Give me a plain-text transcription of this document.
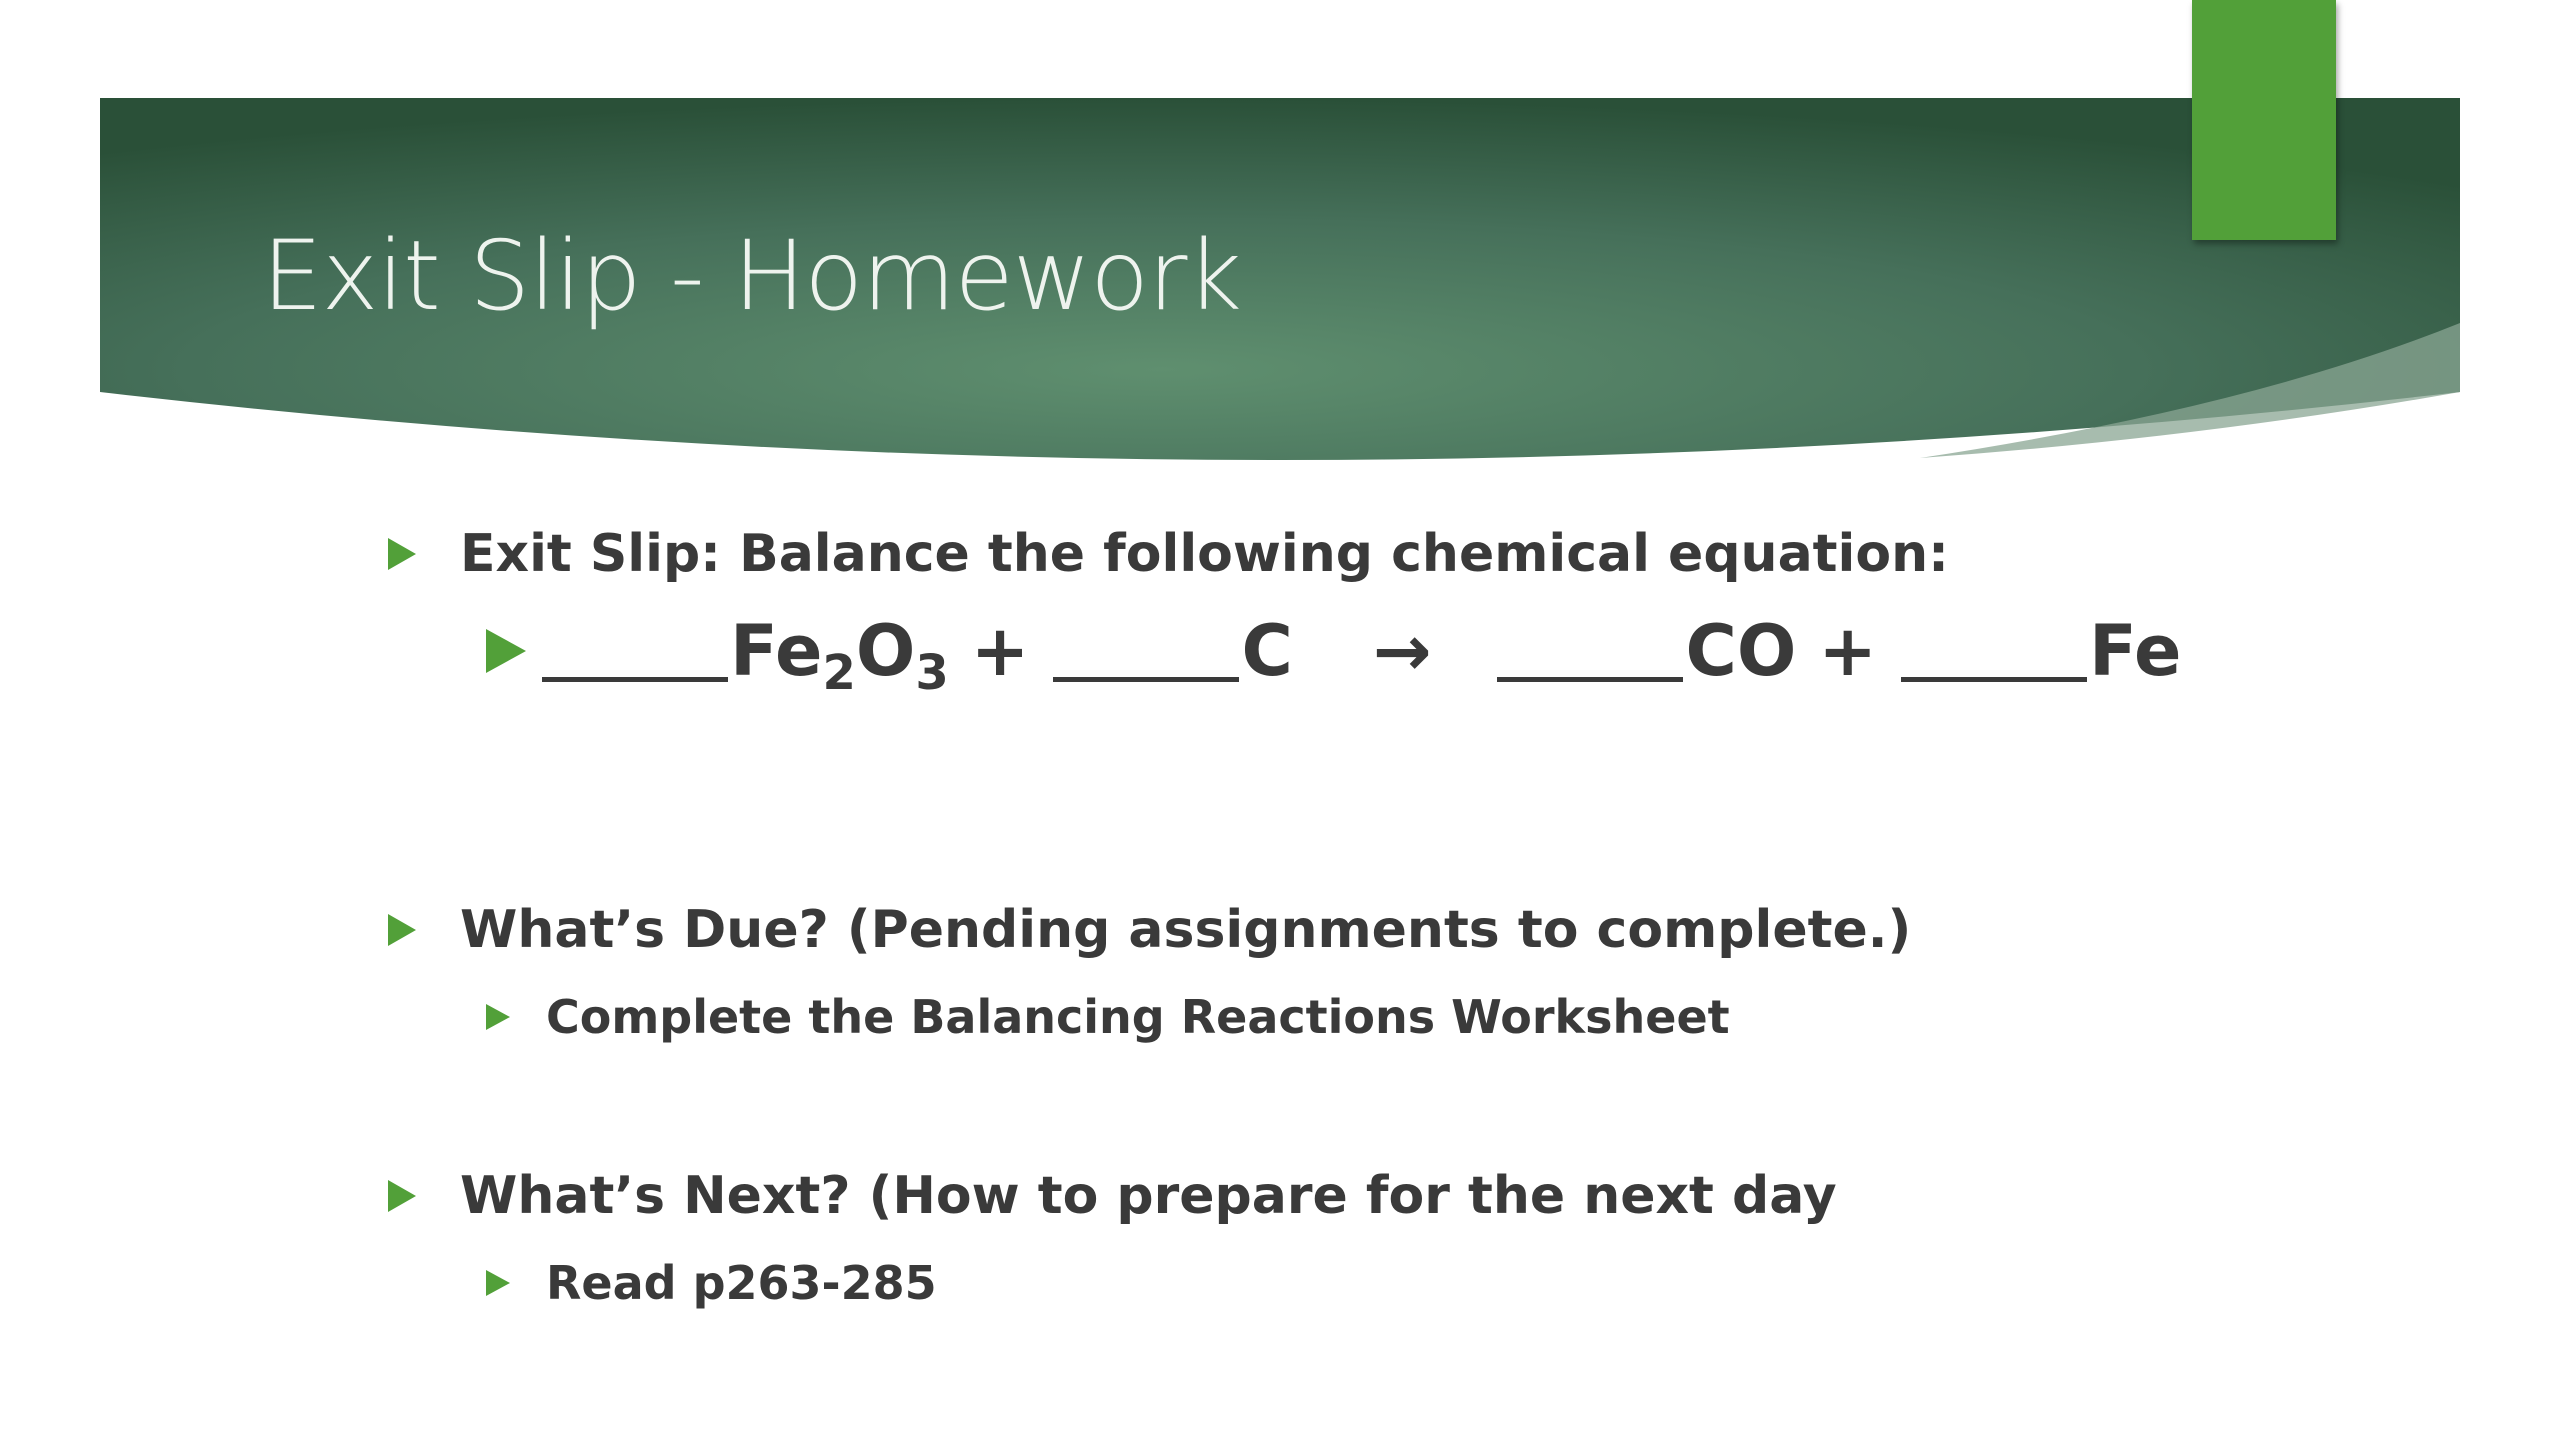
Exit Slip - Homework
Exit Slip: Balance the following chemical equation:
$Fe_2O_3$ +	C →	CO +	Fe
What’s Due? (Pending assignments to complete.)
Complete the Balancing Reactions Worksheet
What’s Next? (How to prepare for the next day
Read p263-285
